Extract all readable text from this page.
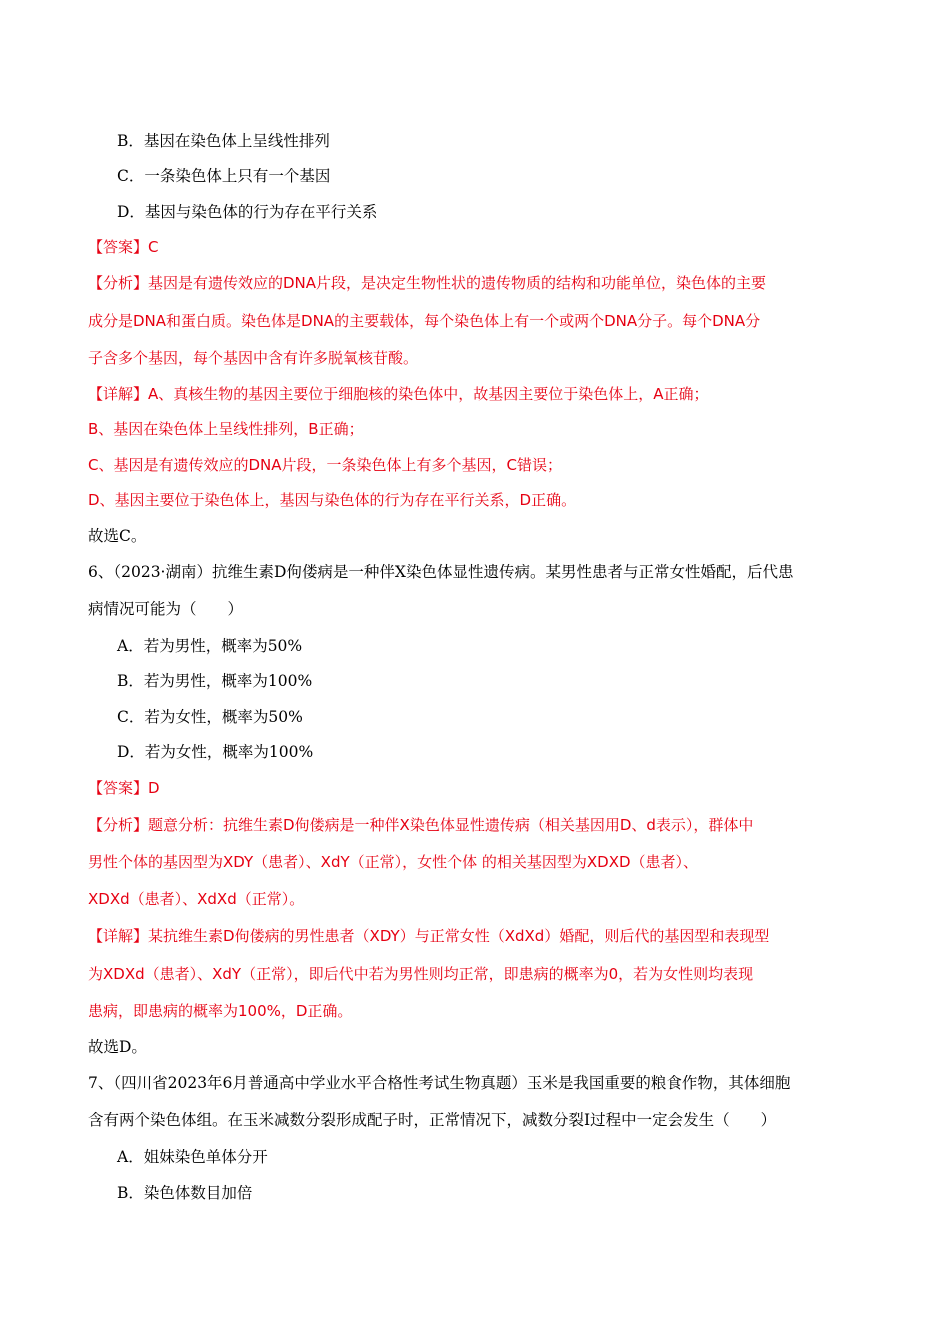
B．基因在染色体上呈线性排列
C．一条染色体上只有一个基因
D．基因与染色体的行为存在平行关系
【答案】C
【分析】基因是有遗传效应的DNA片段，是决定生物性状的遗传物质的结构和功能单位，染色体的主要
成分是DNA和蛋白质。染色体是DNA的主要载体，每个染色体上有一个或两个DNA分子。每个DNA分
子含多个基因，每个基因中含有许多脱氧核苷酸。
【详解】A、真核生物的基因主要位于细胞核的染色体中，故基因主要位于染色体上，A正确；
B、基因在染色体上呈线性排列，B正确；
C、基因是有遗传效应的DNA片段，一条染色体上有多个基因，C错误；
D、基因主要位于染色体上，基因与染色体的行为存在平行关系，D正确。
故选C。
6、（2023·湖南）抗维生素D佝偻病是一种伴X染色体显性遗传病。某男性患者与正常女性婚配，后代患
病情况可能为（　　）
A．若为男性，概率为50%
B．若为男性，概率为100%
C．若为女性，概率为50%
D．若为女性，概率为100%
【答案】D
【分析】题意分析：抗维生素D佝偻病是一种伴X染色体显性遗传病（相关基因用D、d表示），群体中
男性个体的基因型为XDY（患者）、XdY（正常），女性个体 的相关基因型为XDXD（患者）、
XDXd（患者）、XdXd（正常）。
【详解】某抗维生素D佝偻病的男性患者（XDY）与正常女性（XdXd）婚配，则后代的基因型和表现型
为XDXd（患者）、XdY（正常），即后代中若为男性则均正常，即患病的概率为0，若为女性则均表现
患病，即患病的概率为100%，D正确。
故选D。
7、（四川省2023年6月普通高中学业水平合格性考试生物真题）玉米是我国重要的粮食作物，其体细胞
含有两个染色体组。在玉米减数分裂形成配子时，正常情况下，减数分裂Ⅰ过程中一定会发生（　　）
A．姐妹染色单体分开
B．染色体数目加倍
